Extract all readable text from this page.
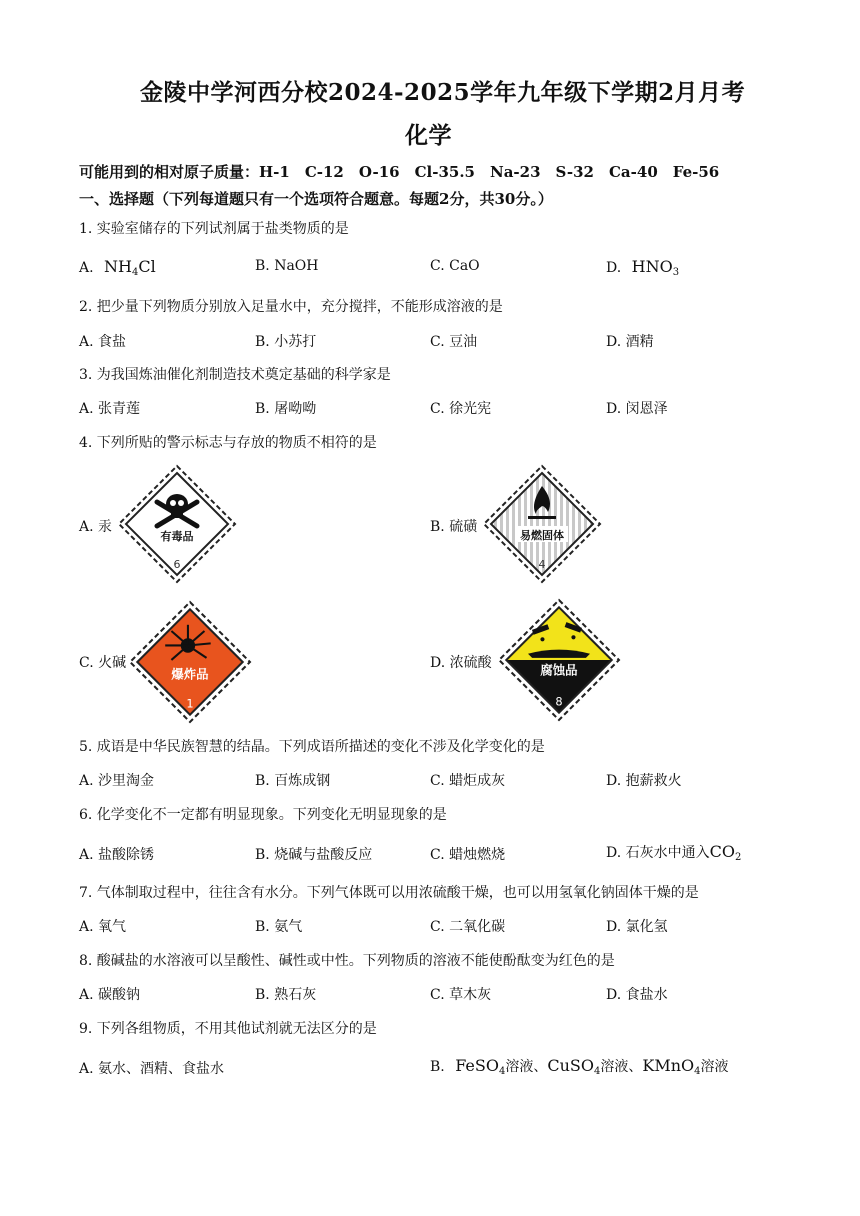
金陵中学河西分校2024-2025学年九年级下学期2月月考
化学
可能用到的相对原子质量：H-1　C-12　O-16　Cl-35.5　Na-23　S-32　Ca-40　Fe-56
一、选择题（下列每道题只有一个选项符合题意。每题2分，共30分。）
1. 实验室储存的下列试剂属于盐类物质的是
A. $NH_4Cl$	B. NaOH	C. CaO	D. $HNO_3$
2. 把少量下列物质分别放入足量水中，充分搅拌，不能形成溶液的是
A. 食盐	B. 小苏打	C. 豆油	D. 酒精
3. 为我国炼油催化剂制造技术奠定基础的科学家是
A. 张青莲	B. 屠呦呦	C. 徐光宪	D. 闵恩泽
4. 下列所贴的警示标志与存放的物质不相符的是
A. 汞	B. 硫磺
C. 火碱	D. 浓硫酸
有毒品
6
易燃固体
4
爆炸品
1
腐蚀品
8
5. 成语是中华民族智慧的结晶。下列成语所描述的变化不涉及化学变化的是
A. 沙里淘金	B. 百炼成钢	C. 蜡炬成灰	D. 抱薪救火
6. 化学变化不一定都有明显现象。下列变化无明显现象的是
A. 盐酸除锈	B. 烧碱与盐酸反应	C. 蜡烛燃烧	D. 石灰水中通入$CO_2$
7. 气体制取过程中，往往含有水分。下列气体既可以用浓硫酸干燥，也可以用氢氧化钠固体干燥的是
A. 氧气	B. 氨气	C. 二氧化碳	D. 氯化氢
8. 酸碱盐的水溶液可以呈酸性、碱性或中性。下列物质的溶液不能使酚酞变为红色的是
A. 碳酸钠	B. 熟石灰	C. 草木灰	D. 食盐水
9. 下列各组物质，不用其他试剂就无法区分的是
A. 氨水、酒精、食盐水	B. FeSO$_4$溶液、CuSO$_4$溶液、KMnO$_4$溶液
